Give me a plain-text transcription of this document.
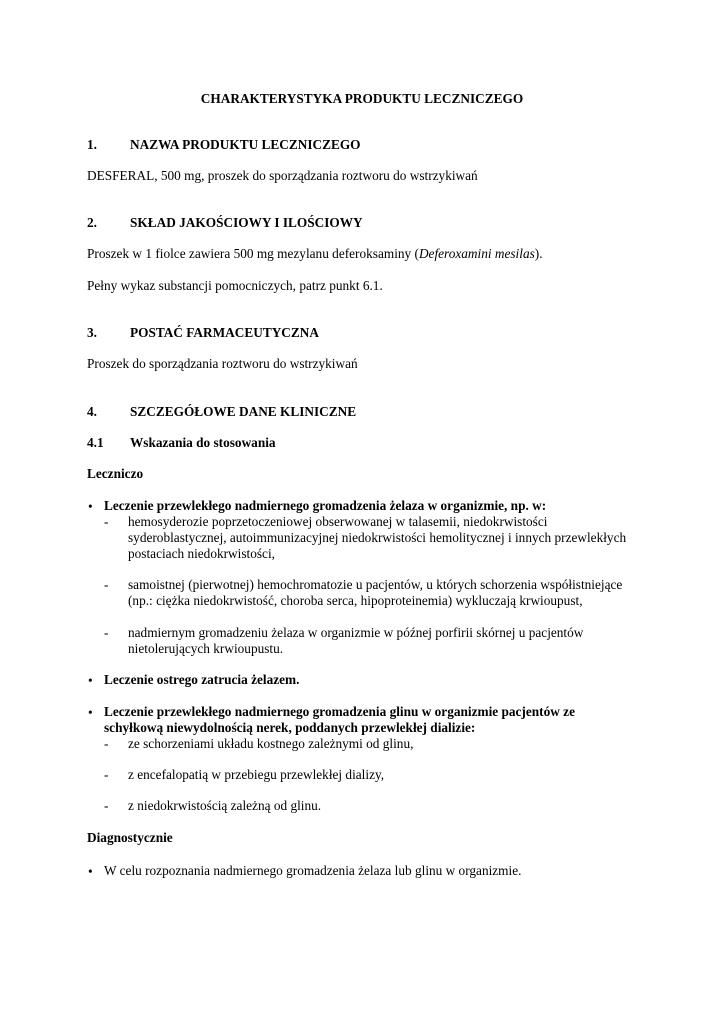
CHARAKTERYSTYKA PRODUKTU LECZNICZEGO
1. NAZWA PRODUKTU LECZNICZEGO
DESFERAL, 500 mg, proszek do sporządzania roztworu do wstrzykiwań
2. SKŁAD JAKOŚCIOWY I ILOŚCIOWY
Proszek w 1 fiolce zawiera 500 mg mezylanu deferoksaminy (Deferoxamini mesilas).
Pełny wykaz substancji pomocniczych, patrz punkt 6.1.
3. POSTAĆ FARMACEUTYCZNA
Proszek do sporządzania roztworu do wstrzykiwań
4. SZCZEGÓŁOWE DANE KLINICZNE
4.1 Wskazania do stosowania
Leczniczo
• Leczenie przewlekłego nadmiernego gromadzenia żelaza w organizmie, np. w:
- hemosyderozie poprzetoczeniowej obserwowanej w talasemii, niedokrwistości
syderoblastycznej, autoimmunizacyjnej niedokrwistości hemolitycznej i innych przewlekłych
postaciach niedokrwistości,
- samoistnej (pierwotnej) hemochromatozie u pacjentów, u których schorzenia współistniejące
(np.: ciężka niedokrwistość, choroba serca, hipoproteinemia) wykluczają krwioupust,
- nadmiernym gromadzeniu żelaza w organizmie w późnej porfirii skórnej u pacjentów
nietolerujących krwioupustu.
• Leczenie ostrego zatrucia żelazem.
• Leczenie przewlekłego nadmiernego gromadzenia glinu w organizmie pacjentów ze
schyłkową niewydolnością nerek, poddanych przewlekłej dializie:
- ze schorzeniami układu kostnego zależnymi od glinu,
- z encefalopatią w przebiegu przewlekłej dializy,
- z niedokrwistością zależną od glinu.
Diagnostycznie
• W celu rozpoznania nadmiernego gromadzenia żelaza lub glinu w organizmie.
